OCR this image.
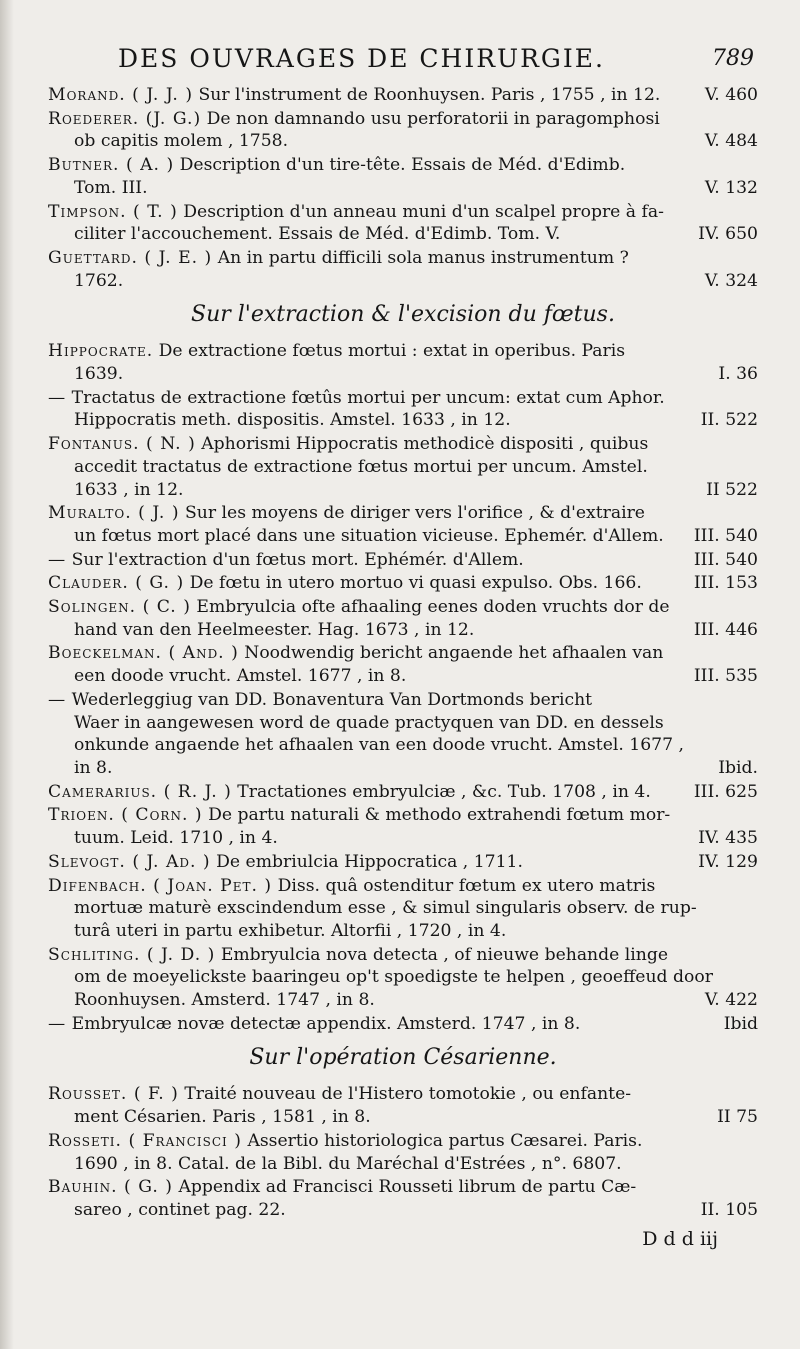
DES OUVRAGES DE CHIRURGIE.	789
Morand. ( J. J. ) Sur l'instrument de Roonhuysen. Paris , 1755 , in 12.	V. 460
Roederer. (J. G.) De non damnando usu perforatorii in paragomphosi
ob capitis molem , 1758.	V. 484
Butner. ( A. ) Description d'un tire-tête. Essais de Méd. d'Edimb.
Tom. III.	V. 132
Timpson. ( T. ) Description d'un anneau muni d'un scalpel propre à fa-
ciliter l'accouchement. Essais de Méd. d'Edimb. Tom. V.	IV. 650
Guettard. ( J. E. ) An in partu difficili sola manus instrumentum ?
1762.	V. 324
Sur l'extraction & l'excision du fœtus.
Hippocrate. De extractione fœtus mortui : extat in operibus. Paris
1639.	I. 36
— Tractatus de extractione fœtûs mortui per uncum: extat cum Aphor.
Hippocratis meth. dispositis. Amstel. 1633 , in 12.	II. 522
Fontanus. ( N. ) Aphorismi Hippocratis methodicè dispositi , quibus
accedit tractatus de extractione fœtus mortui per uncum. Amstel.
1633 , in 12.	II 522
Muralto. ( J. ) Sur les moyens de diriger vers l'orifice , & d'extraire
un fœtus mort placé dans une situation vicieuse. Ephemér. d'Allem.	III. 540
— Sur l'extraction d'un fœtus mort. Ephémér. d'Allem.	III. 540
Clauder. ( G. ) De fœtu in utero mortuo vi quasi expulso. Obs. 166.	III. 153
Solingen. ( C. ) Embryulcia ofte afhaaling eenes doden vruchts dor de
hand van den Heelmeester. Hag. 1673 , in 12.	III. 446
Boeckelman. ( And. ) Noodwendig bericht angaende het afhaalen van
een doode vrucht. Amstel. 1677 , in 8.	III. 535
— Wederleggiug van DD. Bonaventura Van Dortmonds bericht
Waer in aangewesen word de quade practyquen van DD. en dessels
onkunde angaende het afhaalen van een doode vrucht. Amstel. 1677 ,
in 8.	Ibid.
Camerarius. ( R. J. ) Tractationes embryulciæ , &c. Tub. 1708 , in 4.	III. 625
Trioen. ( Corn. ) De partu naturali & methodo extrahendi fœtum mor-
tuum. Leid. 1710 , in 4.	IV. 435
Slevogt. ( J. Ad. ) De embriulcia Hippocratica , 1711.	IV. 129
Difenbach. ( Joan. Pet. ) Diss. quâ ostenditur fœtum ex utero matris
mortuæ maturè exscindendum esse , & simul singularis observ. de rup-
turâ uteri in partu exhibetur. Altorfii , 1720 , in 4.
Schliting. ( J. D. ) Embryulcia nova detecta , of nieuwe behande linge
om de moeyelickste baaringeu op't spoedigste te helpen , geoeffeud door
Roonhuysen. Amsterd. 1747 , in 8.	V. 422
— Embryulcæ novæ detectæ appendix. Amsterd. 1747 , in 8.	Ibid
Sur l'opération Césarienne.
Rousset. ( F. ) Traité nouveau de l'Histero tomotokie , ou enfante-
ment Césarien. Paris , 1581 , in 8.	II 75
Rosseti. ( Francisci ) Assertio historiologica partus Cæsarei. Paris.
1690 , in 8. Catal. de la Bibl. du Maréchal d'Estrées , n°. 6807.
Bauhin. ( G. ) Appendix ad Francisci Rousseti librum de partu Cæ-
sareo , continet pag. 22.	II. 105
D d d iij
